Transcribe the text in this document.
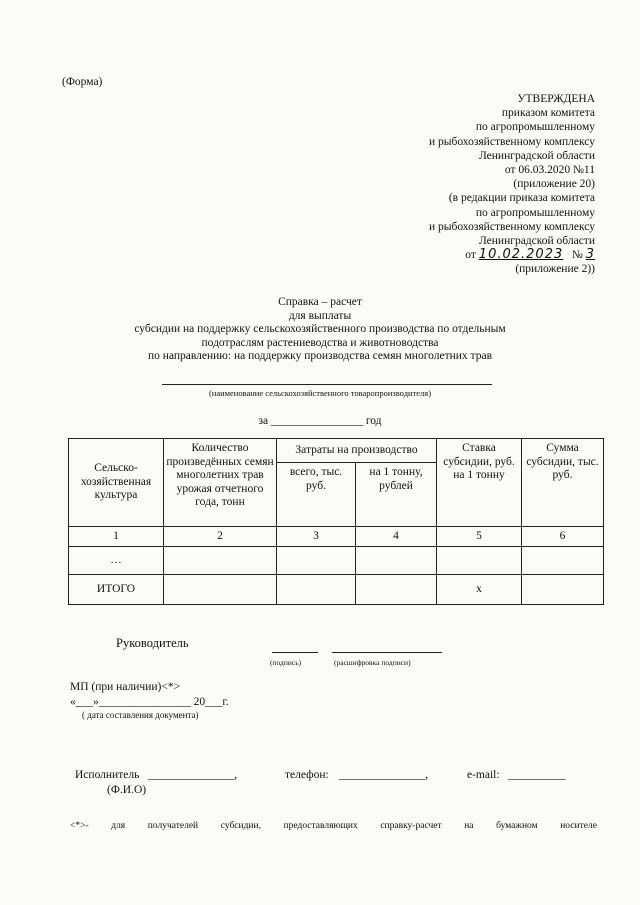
(Форма)
УТВЕРЖДЕНА
приказом комитета
по агропромышленному
и рыбохозяйственному комплексу
Ленинградской области
от 06.03.2020 №11
(приложение 20)
(в редакции приказа комитета
по агропромышленному
и рыбохозяйственному комплексу
Ленинградской области
от 10.02.2023 № 3
(приложение 2))
Справка – расчет
для выплаты
субсидии на поддержку сельскохозяйственного производства по отдельным
подотраслям растениеводства и животноводства
по направлению: на поддержку производства семян многолетних трав
(наименование сельскохозяйственного товаропроизводителя)
за ________________ год
Сельско-хозяйственная культура	Количество произведённых семян многолетних трав урожая отчетного года, тонн	Затраты на производство		Ставка субсидии, руб. на 1 тонну	Сумма субсидии, тыс. руб.
		всего, тыс. руб.	на 1 тонну, рублей		
1	2	3	4	5	6
…					
ИТОГО				х	
Руководитель
(подпись)	(расшифровка подписи)
МП (при наличии)<*>
«___»________________ 20___г.
( дата составления документа)
Исполнитель _______________,
(Ф.И.О)
телефон: _______________,	e-mail: __________
<*>- для получателей субсидии, предоставляющих справку-расчет на бумажном носителе
